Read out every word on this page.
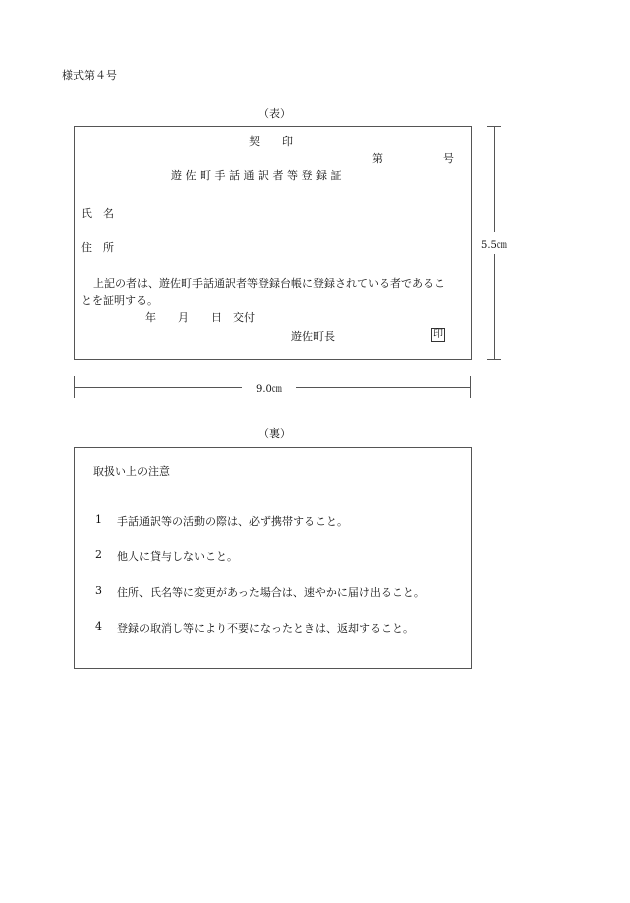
様式第４号
（表）
契　　印
第	号
遊 佐 町 手 話 通 訳 者 等 登 録 証
氏　名
住　所
上記の者は、遊佐町手話通訳者等登録台帳に登録されている者であるこ
とを証明する。
年　　月　　日　交付
遊佐町長	印
5.5㎝
9.0㎝
（裏）
取扱い上の注意
1 手話通訳等の活動の際は、必ず携帯すること。
2 他人に貸与しないこと。
3 住所、氏名等に変更があった場合は、速やかに届け出ること。
4 登録の取消し等により不要になったときは、返却すること。
